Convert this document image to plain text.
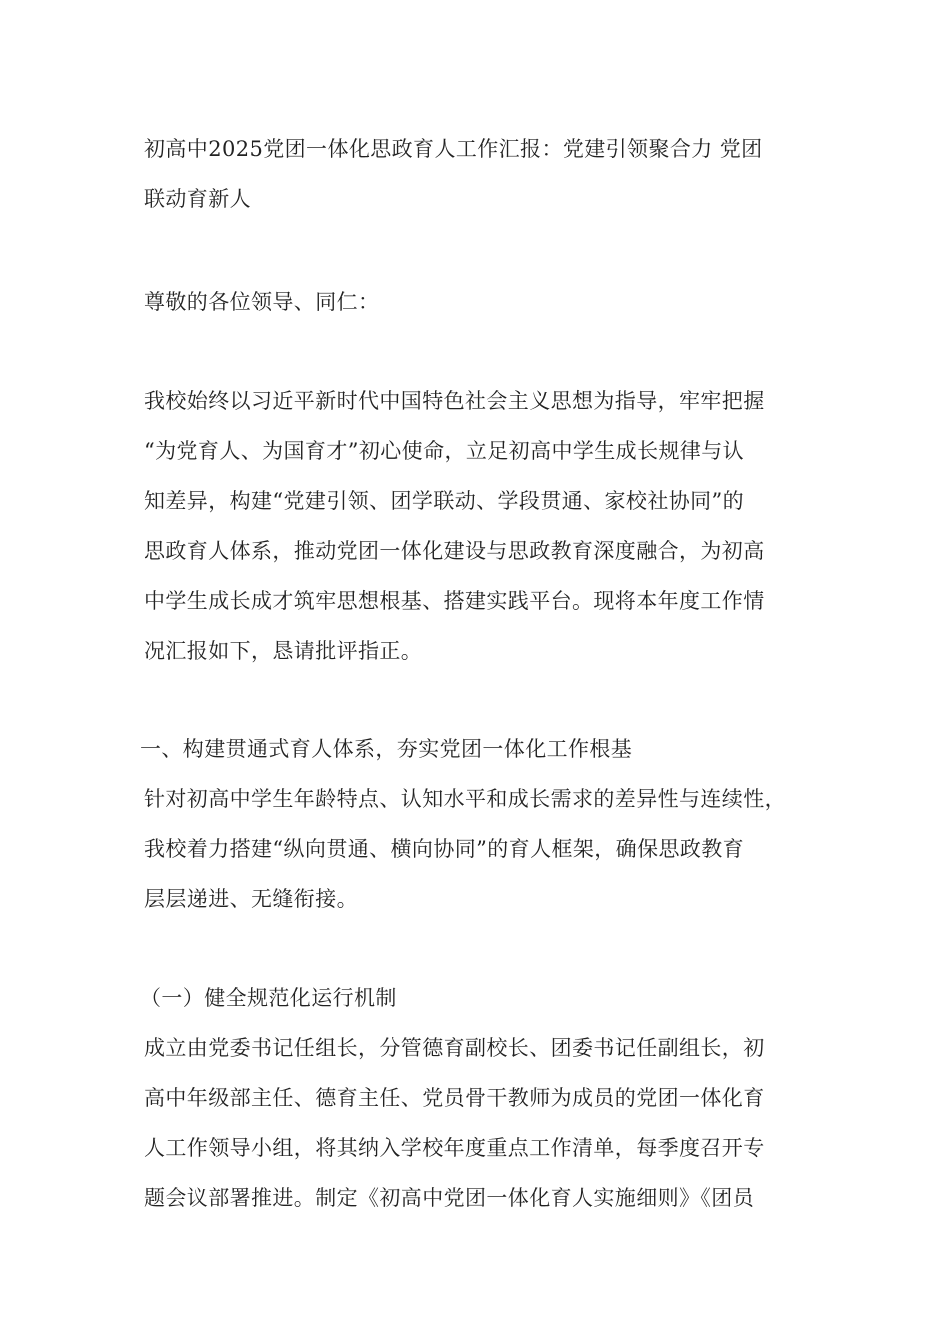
初高中2025党团一体化思政育人工作汇报：党建引领聚合力 党团
联动育新人
尊敬的各位领导、同仁：
我校始终以习近平新时代中国特色社会主义思想为指导，牢牢把握
“为党育人、为国育才”初心使命，立足初高中学生成长规律与认
知差异，构建“党建引领、团学联动、学段贯通、家校社协同”的
思政育人体系，推动党团一体化建设与思政教育深度融合，为初高
中学生成长成才筑牢思想根基、搭建实践平台。现将本年度工作情
况汇报如下，恳请批评指正。
一、构建贯通式育人体系，夯实党团一体化工作根基
针对初高中学生年龄特点、认知水平和成长需求的差异性与连续性，
我校着力搭建“纵向贯通、横向协同”的育人框架，确保思政教育
层层递进、无缝衔接。
（一）健全规范化运行机制
成立由党委书记任组长，分管德育副校长、团委书记任副组长，初
高中年级部主任、德育主任、党员骨干教师为成员的党团一体化育
人工作领导小组，将其纳入学校年度重点工作清单，每季度召开专
题会议部署推进。制定《初高中党团一体化育人实施细则》《团员
